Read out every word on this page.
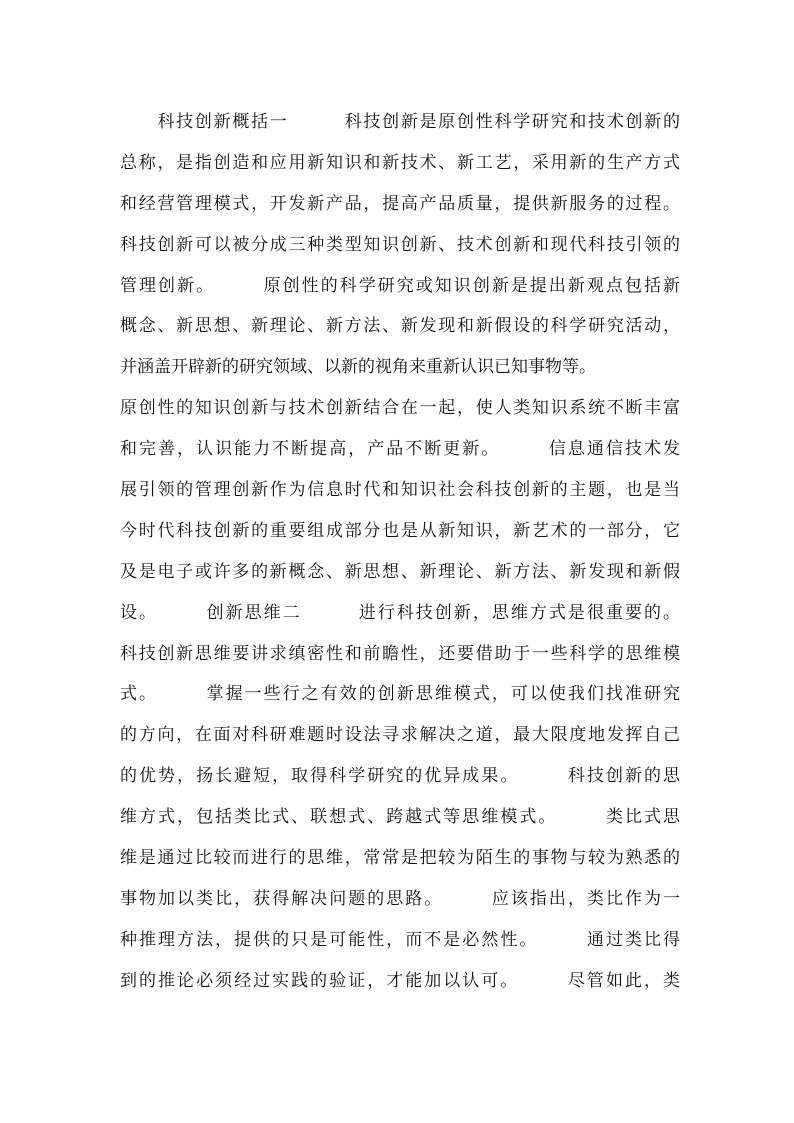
　　科技创新概括一　　　科技创新是原创性科学研究和技术创新的
总称，是指创造和应用新知识和新技术、新工艺，采用新的生产方式
和经营管理模式，开发新产品，提高产品质量，提供新服务的过程。
科技创新可以被分成三种类型知识创新、技术创新和现代科技引领的
管理创新。　　　原创性的科学研究或知识创新是提出新观点包括新
概念、新思想、新理论、新方法、新发现和新假设的科学研究活动，
并涵盖开辟新的研究领域、以新的视角来重新认识已知事物等。
原创性的知识创新与技术创新结合在一起，使人类知识系统不断丰富
和完善，认识能力不断提高，产品不断更新。　　　信息通信技术发
展引领的管理创新作为信息时代和知识社会科技创新的主题，也是当
今时代科技创新的重要组成部分也是从新知识，新艺术的一部分，它
及是电子或许多的新概念、新思想、新理论、新方法、新发现和新假
设。　　　创新思维二　　　进行科技创新，思维方式是很重要的。
科技创新思维要讲求缜密性和前瞻性，还要借助于一些科学的思维模
式。　　　掌握一些行之有效的创新思维模式，可以使我们找准研究
的方向，在面对科研难题时设法寻求解决之道，最大限度地发挥自己
的优势，扬长避短，取得科学研究的优异成果。　　　科技创新的思
维方式，包括类比式、联想式、跨越式等思维模式。　　　类比式思
维是通过比较而进行的思维，常常是把较为陌生的事物与较为熟悉的
事物加以类比，获得解决问题的思路。　　　应该指出，类比作为一
种推理方法，提供的只是可能性，而不是必然性。　　　通过类比得
到的推论必须经过实践的验证，才能加以认可。　　　尽管如此，类
